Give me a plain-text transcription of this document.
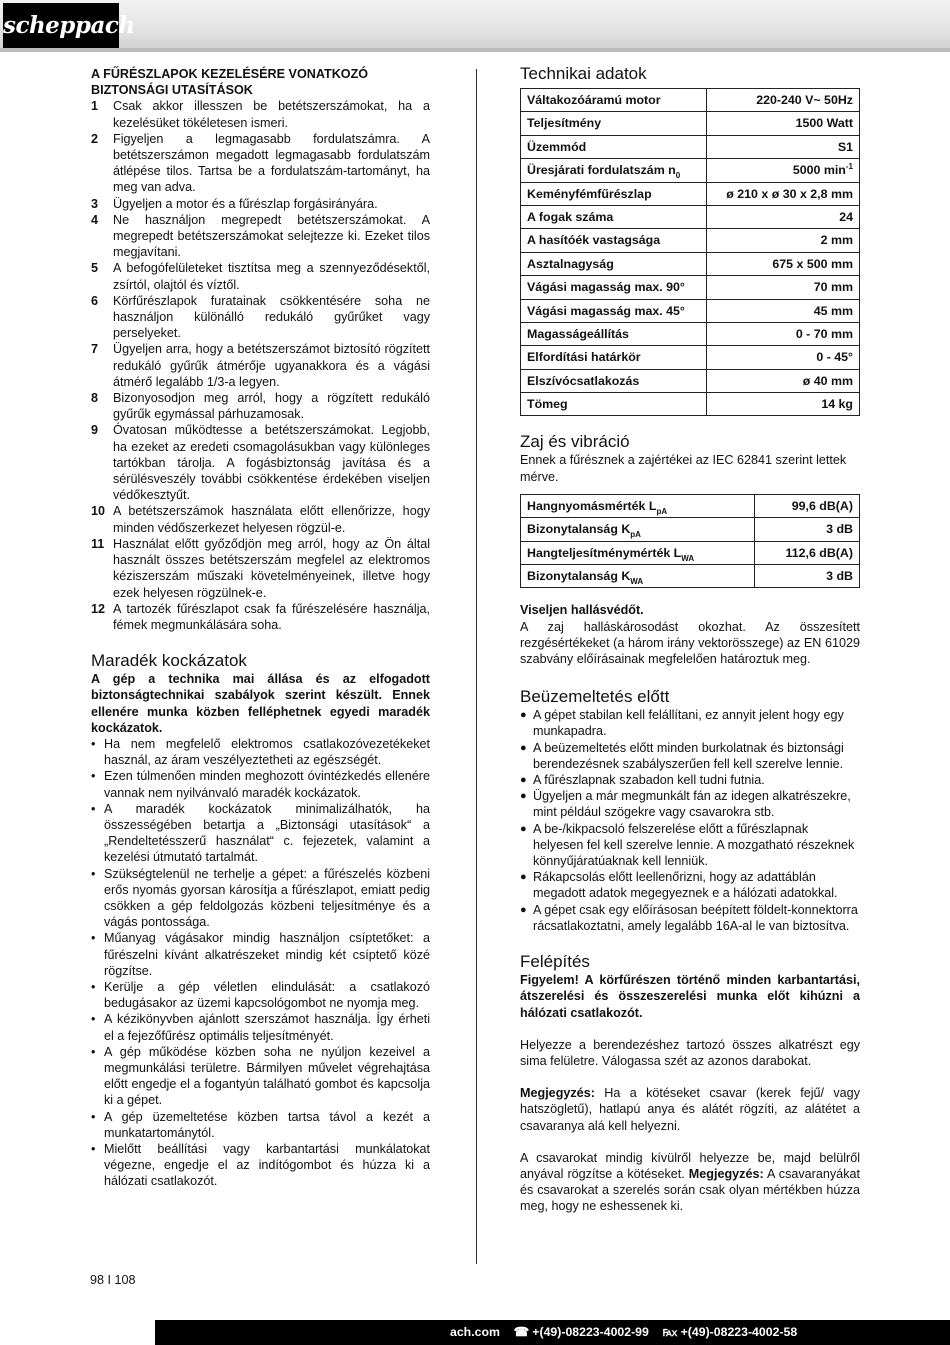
scheppach
A FŰRÉSZLAPOK KEZELÉSÉRE VONATKOZÓ
BIZTONSÁGI UTASÍTÁSOK
1	Csak akkor illesszen be betétszerszámokat, ha a kezelésüket tökéletesen ismeri.
2	Figyeljen a legmagasabb fordulatszámra. A betétszerszámon megadott legmagasabb fordulatszám átlépése tilos. Tartsa be a fordulatszám-tartományt, ha meg van adva.
3	Ügyeljen a motor és a fűrészlap forgásirányára.
4	Ne használjon megrepedt betétszerszámokat. A megrepedt betétszerszámokat selejtezze ki. Ezeket tilos megjavítani.
5	A befogófelületeket tisztítsa meg a szennyeződésektől, zsírtól, olajtól és víztől.
6	Körfűrészlapok furatainak csökkentésére soha ne használjon különálló redukáló gyűrűket vagy perselyeket.
7	Ügyeljen arra, hogy a betétszerszámot biztosító rögzített redukáló gyűrűk átmérője ugyanakkora és a vágási átmérő legalább 1/3-a legyen.
8	Bizonyosodjon meg arról, hogy a rögzített redukáló gyűrűk egymással párhuzamosak.
9	Óvatosan működtesse a betétszerszámokat. Legjobb, ha ezeket az eredeti csomagolásukban vagy különleges tartókban tárolja. A fogásbiztonság javítása és a sérülésveszély további csökkentése érdekében viseljen védőkesztyűt.
10 A betétszerszámok használata előtt ellenőrizze, hogy minden védőszerkezet helyesen rögzül-e.
11 Használat előtt győződjön meg arról, hogy az Ön által használt összes betétszerszám megfelel az elektromos kéziszerszám műszaki követelményeinek, illetve hogy ezek helyesen rögzülnek-e.
12 A tartozék fűrészlapot csak fa fűrészelésére használja, fémek megmunkálására soha.
Maradék kockázatok
A gép a technika mai állása és az elfogadott biztonságtechnikai szabályok szerint készült. Ennek ellenére munka közben felléphetnek egyedi maradék kockázatok.
• Ha nem megfelelő elektromos csatlakozóvezetékeket használ, az áram veszélyeztetheti az egészségét.
• Ezen túlmenően minden meghozott óvintézkedés ellenére vannak nem nyilvánvaló maradék kockázatok.
• A maradék kockázatok minimalizálhatók, ha összességében betartja a „Biztonsági utasítások“ a „Rendeltetésszerű használat“ c. fejezetek, valamint a kezelési útmutató tartalmát.
• Szükségtelenül ne terhelje a gépet: a fűrészelés közbeni erős nyomás gyorsan károsítja a fűrészlapot, emiatt pedig csökken a gép feldolgozás közbeni teljesítménye és a vágás pontossága.
• Műanyag vágásakor mindig használjon csíptetőket: a fűrészelni kívánt alkatrészeket mindig két csíptető közé rögzítse.
• Kerülje a gép véletlen elindulását: a csatlakozó bedugásakor az üzemi kapcsológombot ne nyomja meg.
• A kézikönyvben ajánlott szerszámot használja. Így érheti el a fejezőfűrész optimális teljesítményét.
• A gép működése közben soha ne nyúljon kezeivel a megmunkálási területre. Bármilyen művelet végrehajtása előtt engedje el a fogantyún található gombot és kapcsolja ki a gépet.
• A gép üzemeltetése közben tartsa távol a kezét a munkatartománytól.
• Mielőtt beállítási vagy karbantartási munkálatokat végezne, engedje el az indítógombot és húzza ki a hálózati csatlakozót.
Technikai adatok
Váltakozóáramú motor	220-240 V~ 50Hz
Teljesítmény	1500 Watt
Üzemmód	S1
Üresjárati fordulatszám $n_0$	5000 $\min^{-1}$
Keményfémfűrészlap	ø 210 x ø 30 x 2,8 mm
A fogak száma	24
A hasítóék vastagsága	2 mm
Asztalnagyság	675 x 500 mm
Vágási magasság max. 90°	70 mm
Vágási magasság max. 45°	45 mm
Magasságeállítás	0 - 70 mm
Elfordítási határkör	0 - 45°
Elszívócsatlakozás	ø 40 mm
Tömeg	14 kg
Zaj és vibráció
Ennek a fűrésznek a zajértékei az IEC 62841 szerint lettek mérve.
Hangnyomásmérték $L_{pA}$	99,6 dB(A)
Bizonytalanság $K_{pA}$	3 dB
Hangteljesítménymérték $L_{WA}$	112,6 dB(A)
Bizonytalanság $K_{WA}$	3 dB
Viseljen hallásvédőt.

A zaj halláskárosodást okozhat. Az összesített rezgésértékeket (a három irány vektorösszege) az EN 61029 szabvány előírásainak megfelelően határoztuk meg.

Beüzemeltetés előtt
● A gépet stabilan kell felállítani, ez annyit jelent hogy egy munkapadra.
● A beüzemeltetés előtt minden burkolatnak és biztonsági berendezésnek szabályszerűen fell kell szerelve lennie.
● A fűrészlapnak szabadon kell tudni futnia.
● Ügyeljen a már megmunkált fán az idegen alkatrészekre, mint például szögekre vagy csavarokra stb.
● A be-/kikpacsoló felszerelése előtt a fűrészlapnak helyesen fel kell szerelve lennie. A mozgatható részeknek könnyűjáratúaknak kell lenniük.
● Rákapcsolás előtt leellenőrizni, hogy az adattáblán megadott adatok megegyeznek e a hálózati adatokkal.
● A gépet csak egy előírásosan beépített földelt-konnektorra rácsatlakoztatni, amely legalább 16A-al le van biztosítva.
Felépítés

Figyelem! A körfűrészen történő minden karbantartási, átszerelési és összeszerelési munka előt kihúzni a hálózati csatlakozót.

Helyezze a berendezéshez tartozó összes alkatrészt egy sima felületre. Válogassa szét az azonos darabokat.

Megjegyzés: Ha a kötéseket csavar (kerek fejű/ vagy hatszögletű), hatlapú anya és alátét rögzíti, az alátétet a csavaranya alá kell helyezni.

A csavarokat mindig kívülről helyezze be, majd belülről anyával rögzítse a kötéseket. Megjegyzés: A csavaranyákat és csavarokat a szerelés során csak olyan mértékben húzza meg, hogy ne eshessenek ki.

98 I 108
ach.com ☎ +(49)-08223-4002-99 ℻ +(49)-08223-4002-58
